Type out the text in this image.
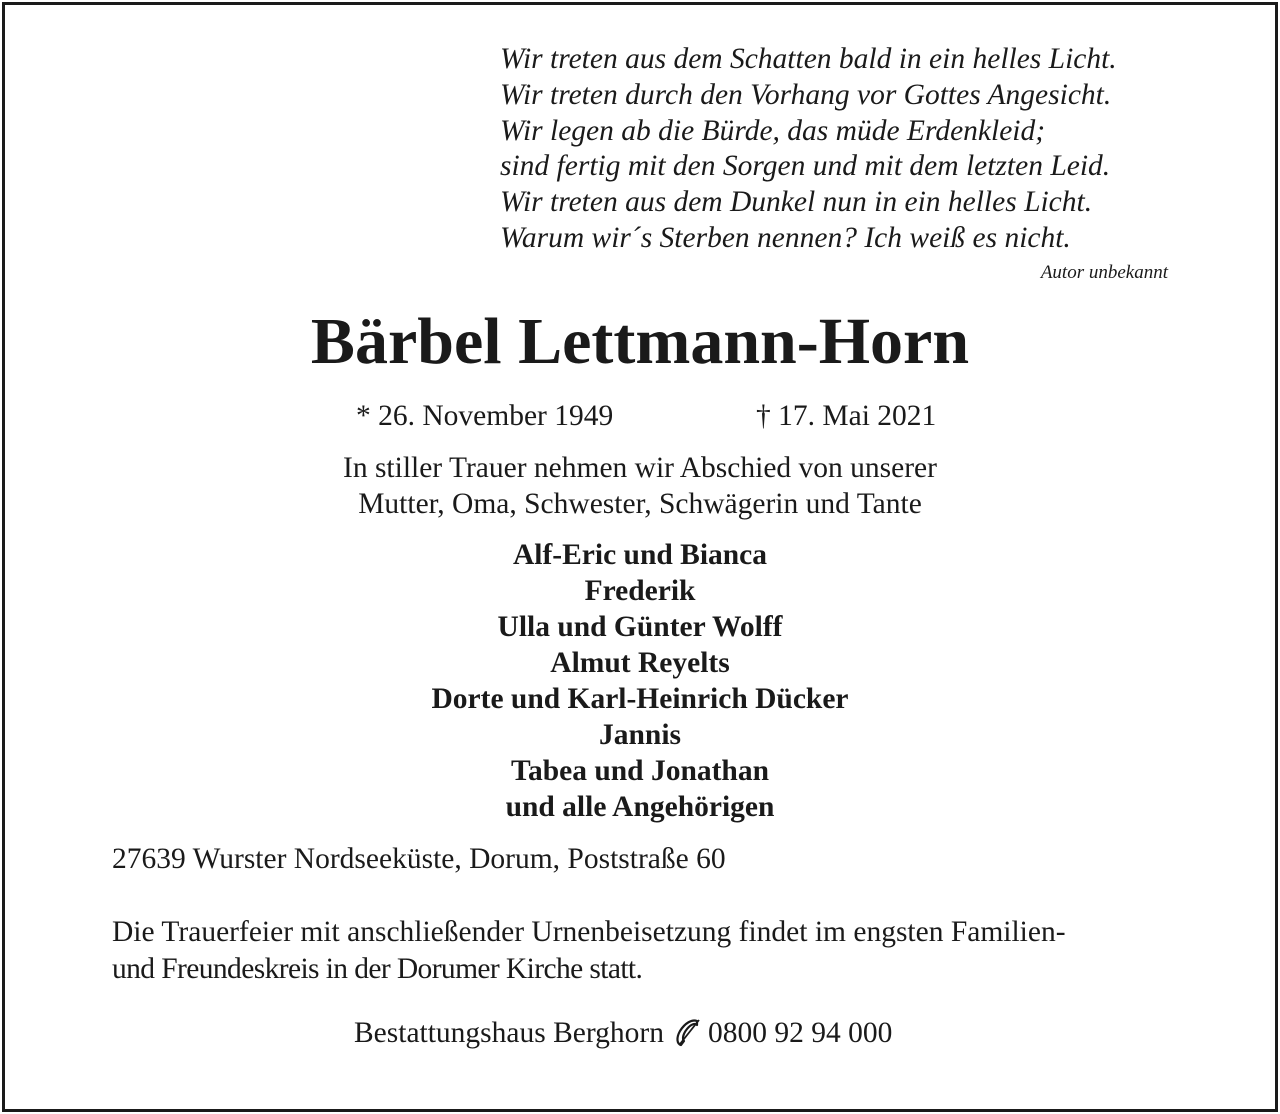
Wir treten aus dem Schatten bald in ein helles Licht.
Wir treten durch den Vorhang vor Gottes Angesicht.
Wir legen ab die Bürde, das müde Erdenkleid;
sind fertig mit den Sorgen und mit dem letzten Leid.
Wir treten aus dem Dunkel nun in ein helles Licht.
Warum wir´s Sterben nennen? Ich weiß es nicht.
Autor unbekannt
Bärbel Lettmann-Horn
* 26. November 1949	† 17. Mai 2021
In stiller Trauer nehmen wir Abschied von unserer
Mutter, Oma, Schwester, Schwägerin und Tante
Alf-Eric und Bianca
Frederik
Ulla und Günter Wolff
Almut Reyelts
Dorte und Karl-Heinrich Dücker
Jannis
Tabea und Jonathan
und alle Angehörigen
27639 Wurster Nordseeküste, Dorum, Poststraße 60
Die Trauerfeier mit anschließender Urnenbeisetzung findet im engsten Familien-
und Freundeskreis in der Dorumer Kirche statt.
Bestattungshaus Berghorn 0800 92 94 000
